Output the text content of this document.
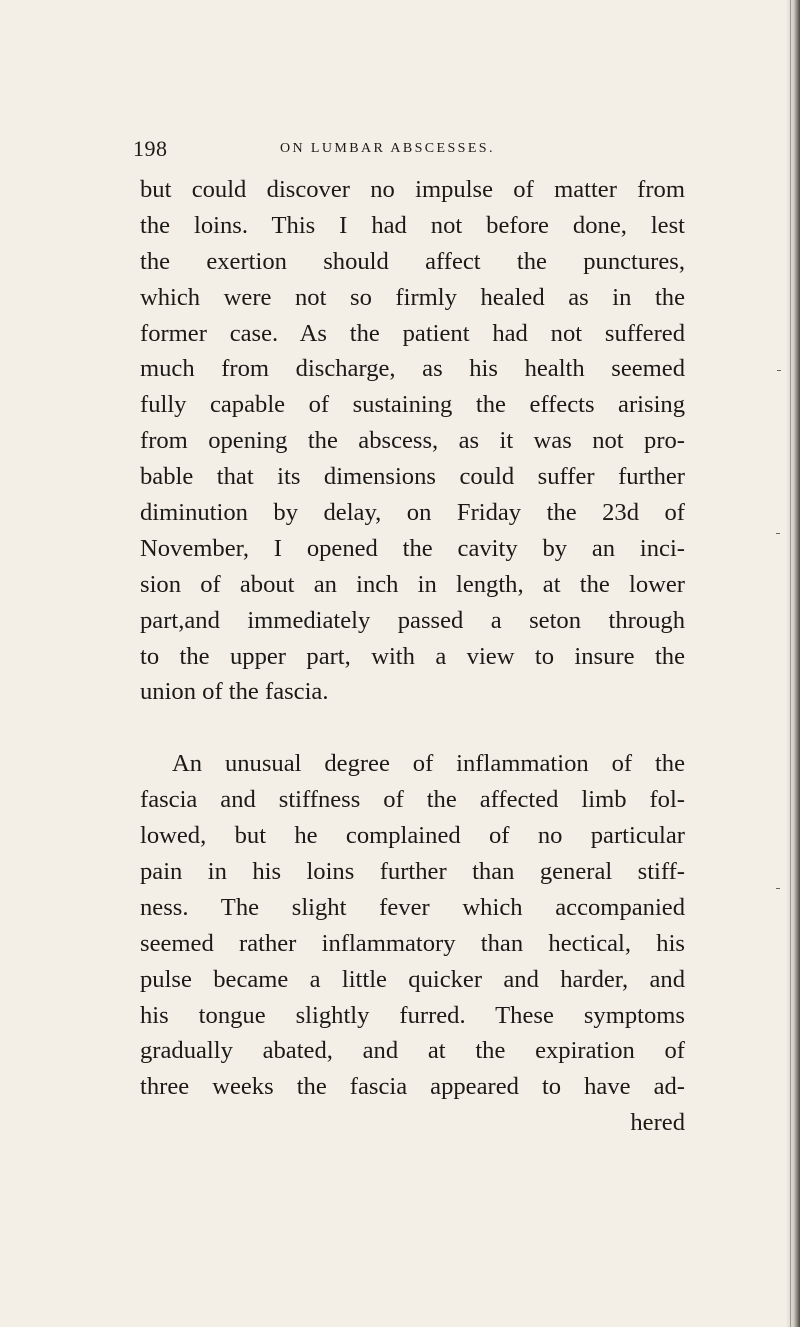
198	ON LUMBAR ABSCESSES.
but could discover no impulse of matter from
the loins. This I had not before done, lest
the exertion should affect the punctures,
which were not so firmly healed as in the
former case. As the patient had not suffered
much from discharge, as his health seemed
fully capable of sustaining the effects arising
from opening the abscess, as it was not pro-
bable that its dimensions could suffer further
diminution by delay, on Friday the 23d of
November, I opened the cavity by an inci-
sion of about an inch in length, at the lower
part,and immediately passed a seton through
to the upper part, with a view to insure the
union of the fascia.
An unusual degree of inflammation of the
fascia and stiffness of the affected limb fol-
lowed, but he complained of no particular
pain in his loins further than general stiff-
ness. The slight fever which accompanied
seemed rather inflammatory than hectical, his
pulse became a little quicker and harder, and
his tongue slightly furred. These symptoms
gradually abated, and at the expiration of
three weeks the fascia appeared to have ad-
hered
